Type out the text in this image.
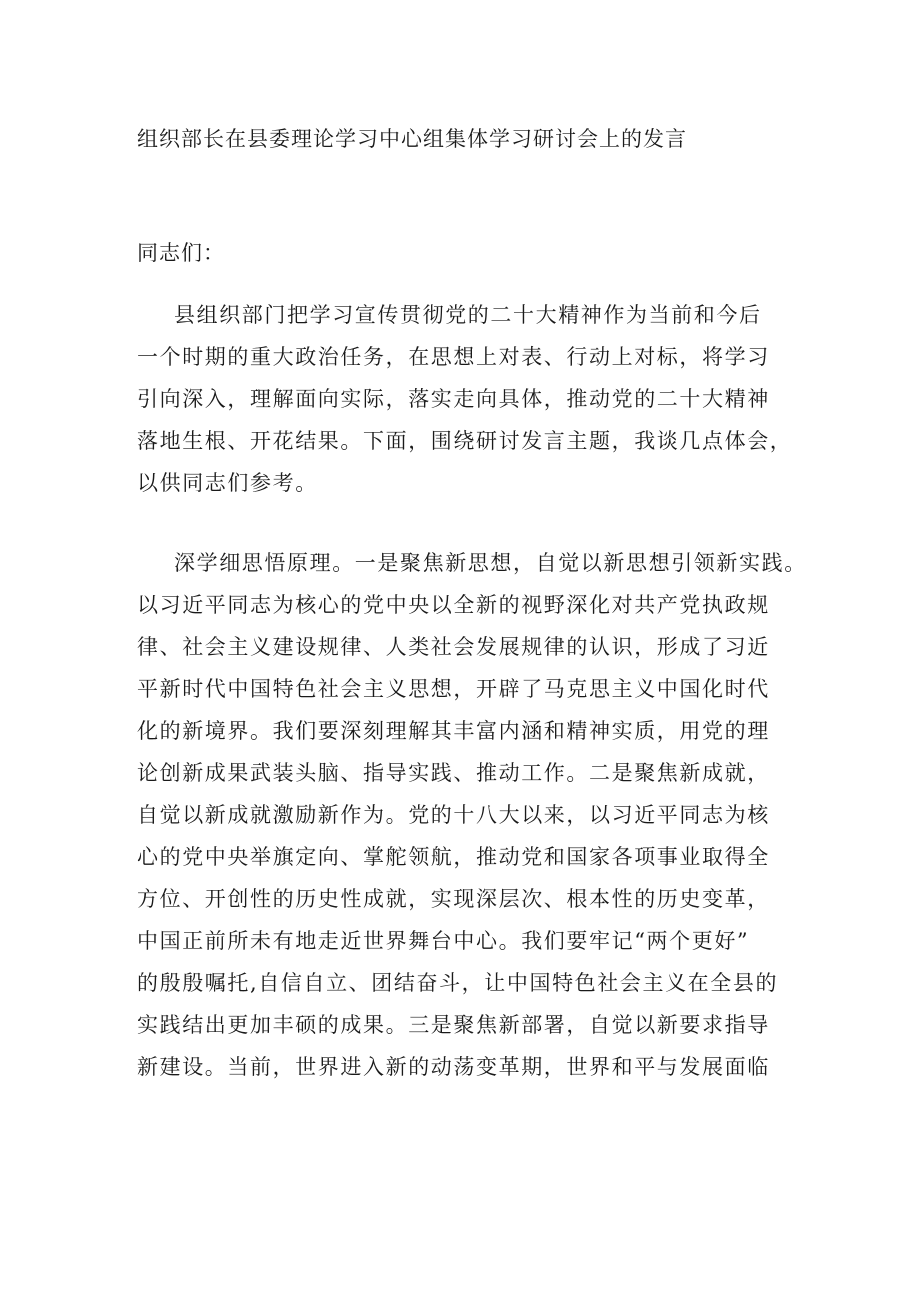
组织部长在县委理论学习中心组集体学习研讨会上的发言
同志们：
县组织部门把学习宣传贯彻党的二十大精神作为当前和今后
一个时期的重大政治任务，在思想上对表、行动上对标，将学习
引向深入，理解面向实际，落实走向具体，推动党的二十大精神
落地生根、开花结果。下面，围绕研讨发言主题，我谈几点体会，
以供同志们参考。
深学细思悟原理。一是聚焦新思想，自觉以新思想引领新实践。
以习近平同志为核心的党中央以全新的视野深化对共产党执政规
律、社会主义建设规律、人类社会发展规律的认识，形成了习近
平新时代中国特色社会主义思想，开辟了马克思主义中国化时代
化的新境界。我们要深刻理解其丰富内涵和精神实质，用党的理
论创新成果武装头脑、指导实践、推动工作。二是聚焦新成就，
自觉以新成就激励新作为。党的十八大以来，以习近平同志为核
心的党中央举旗定向、掌舵领航，推动党和国家各项事业取得全
方位、开创性的历史性成就，实现深层次、根本性的历史变革，
中国正前所未有地走近世界舞台中心。我们要牢记“两个更好”
的殷殷嘱托,自信自立、团结奋斗，让中国特色社会主义在全县的
实践结出更加丰硕的成果。三是聚焦新部署，自觉以新要求指导
新建设。当前，世界进入新的动荡变革期，世界和平与发展面临
